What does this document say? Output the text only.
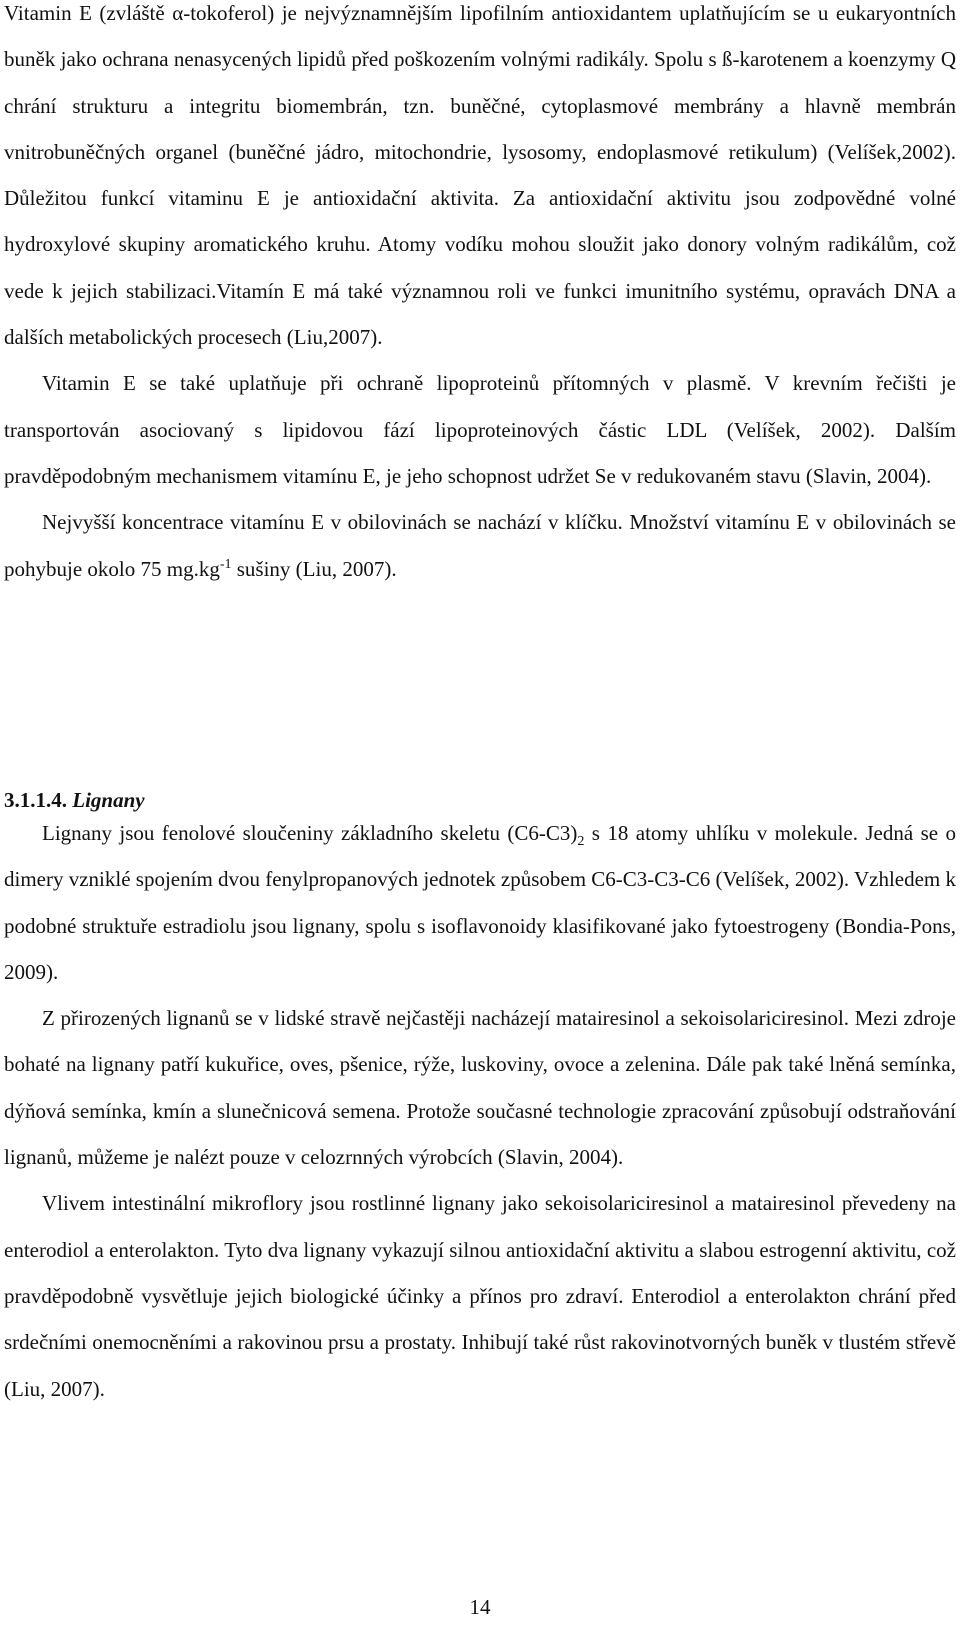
Vitamin E (zvláště α-tokoferol) je nejvýznamnějším lipofilním antioxidantem uplatňujícím se u eukaryontních buněk jako ochrana nenasycených lipidů před poškozením volnými radikály. Spolu s ß-karotenem a koenzymy Q chrání strukturu a integritu biomembrán, tzn. buněčné, cytoplasmové membrány a hlavně membrán vnitrobuněčných organel (buněčné jádro, mitochondrie, lysosomy, endoplasmové retikulum) (Velíšek,2002). Důležitou funkcí vitaminu E je antioxidační aktivita. Za antioxidační aktivitu jsou zodpovědné volné hydroxylové skupiny aromatického kruhu. Atomy vodíku mohou sloužit jako donory volným radikálům, což vede k jejich stabilizaci.Vitamín E má také významnou roli ve funkci imunitního systému, opravách DNA a dalších metabolických procesech (Liu,2007).

Vitamin E se také uplatňuje při ochraně lipoproteinů přítomných v plasmě. V krevním řečišti je transportován asociovaný s lipidovou fází lipoproteinových částic LDL (Velíšek, 2002). Dalším pravděpodobným mechanismem vitamínu E, je jeho schopnost udržet Se v redukovaném stavu (Slavin, 2004).

Nejvyšší koncentrace vitamínu E v obilovinách se nachází v klíčku. Množství vitamínu E v obilovinách se pohybuje okolo 75 $mg.kg^{-1}$ sušiny (Liu, 2007).

3.1.1.4. Lignany

Lignany jsou fenolové sloučeniny základního skeletu $(C6-C3)_2$ s 18 atomy uhlíku v molekule. Jedná se o dimery vzniklé spojením dvou fenylpropanových jednotek způsobem C6-C3-C3-C6 (Velíšek, 2002). Vzhledem k podobné struktuře estradiolu jsou lignany, spolu s isoflavonoidy klasifikované jako fytoestrogeny (Bondia-Pons, 2009).

Z přirozených lignanů se v lidské stravě nejčastěji nacházejí matairesinol a sekoisolariciresinol. Mezi zdroje bohaté na lignany patří kukuřice, oves, pšenice, rýže, luskoviny, ovoce a zelenina. Dále pak také lněná semínka, dýňová semínka, kmín a slunečnicová semena. Protože současné technologie zpracování způsobují odstraňování lignanů, můžeme je nalézt pouze v celozrnných výrobcích (Slavin, 2004).

Vlivem intestinální mikroflory jsou rostlinné lignany jako sekoisolariciresinol a matairesinol převedeny na enterodiol a enterolakton. Tyto dva lignany vykazují silnou antioxidační aktivitu a slabou estrogenní aktivitu, což pravděpodobně vysvětluje jejich biologické účinky a přínos pro zdraví. Enterodiol a enterolakton chrání před srdečními onemocněními a rakovinou prsu a prostaty. Inhibují také růst rakovinotvorných buněk v tlustém střevě (Liu, 2007).

14
